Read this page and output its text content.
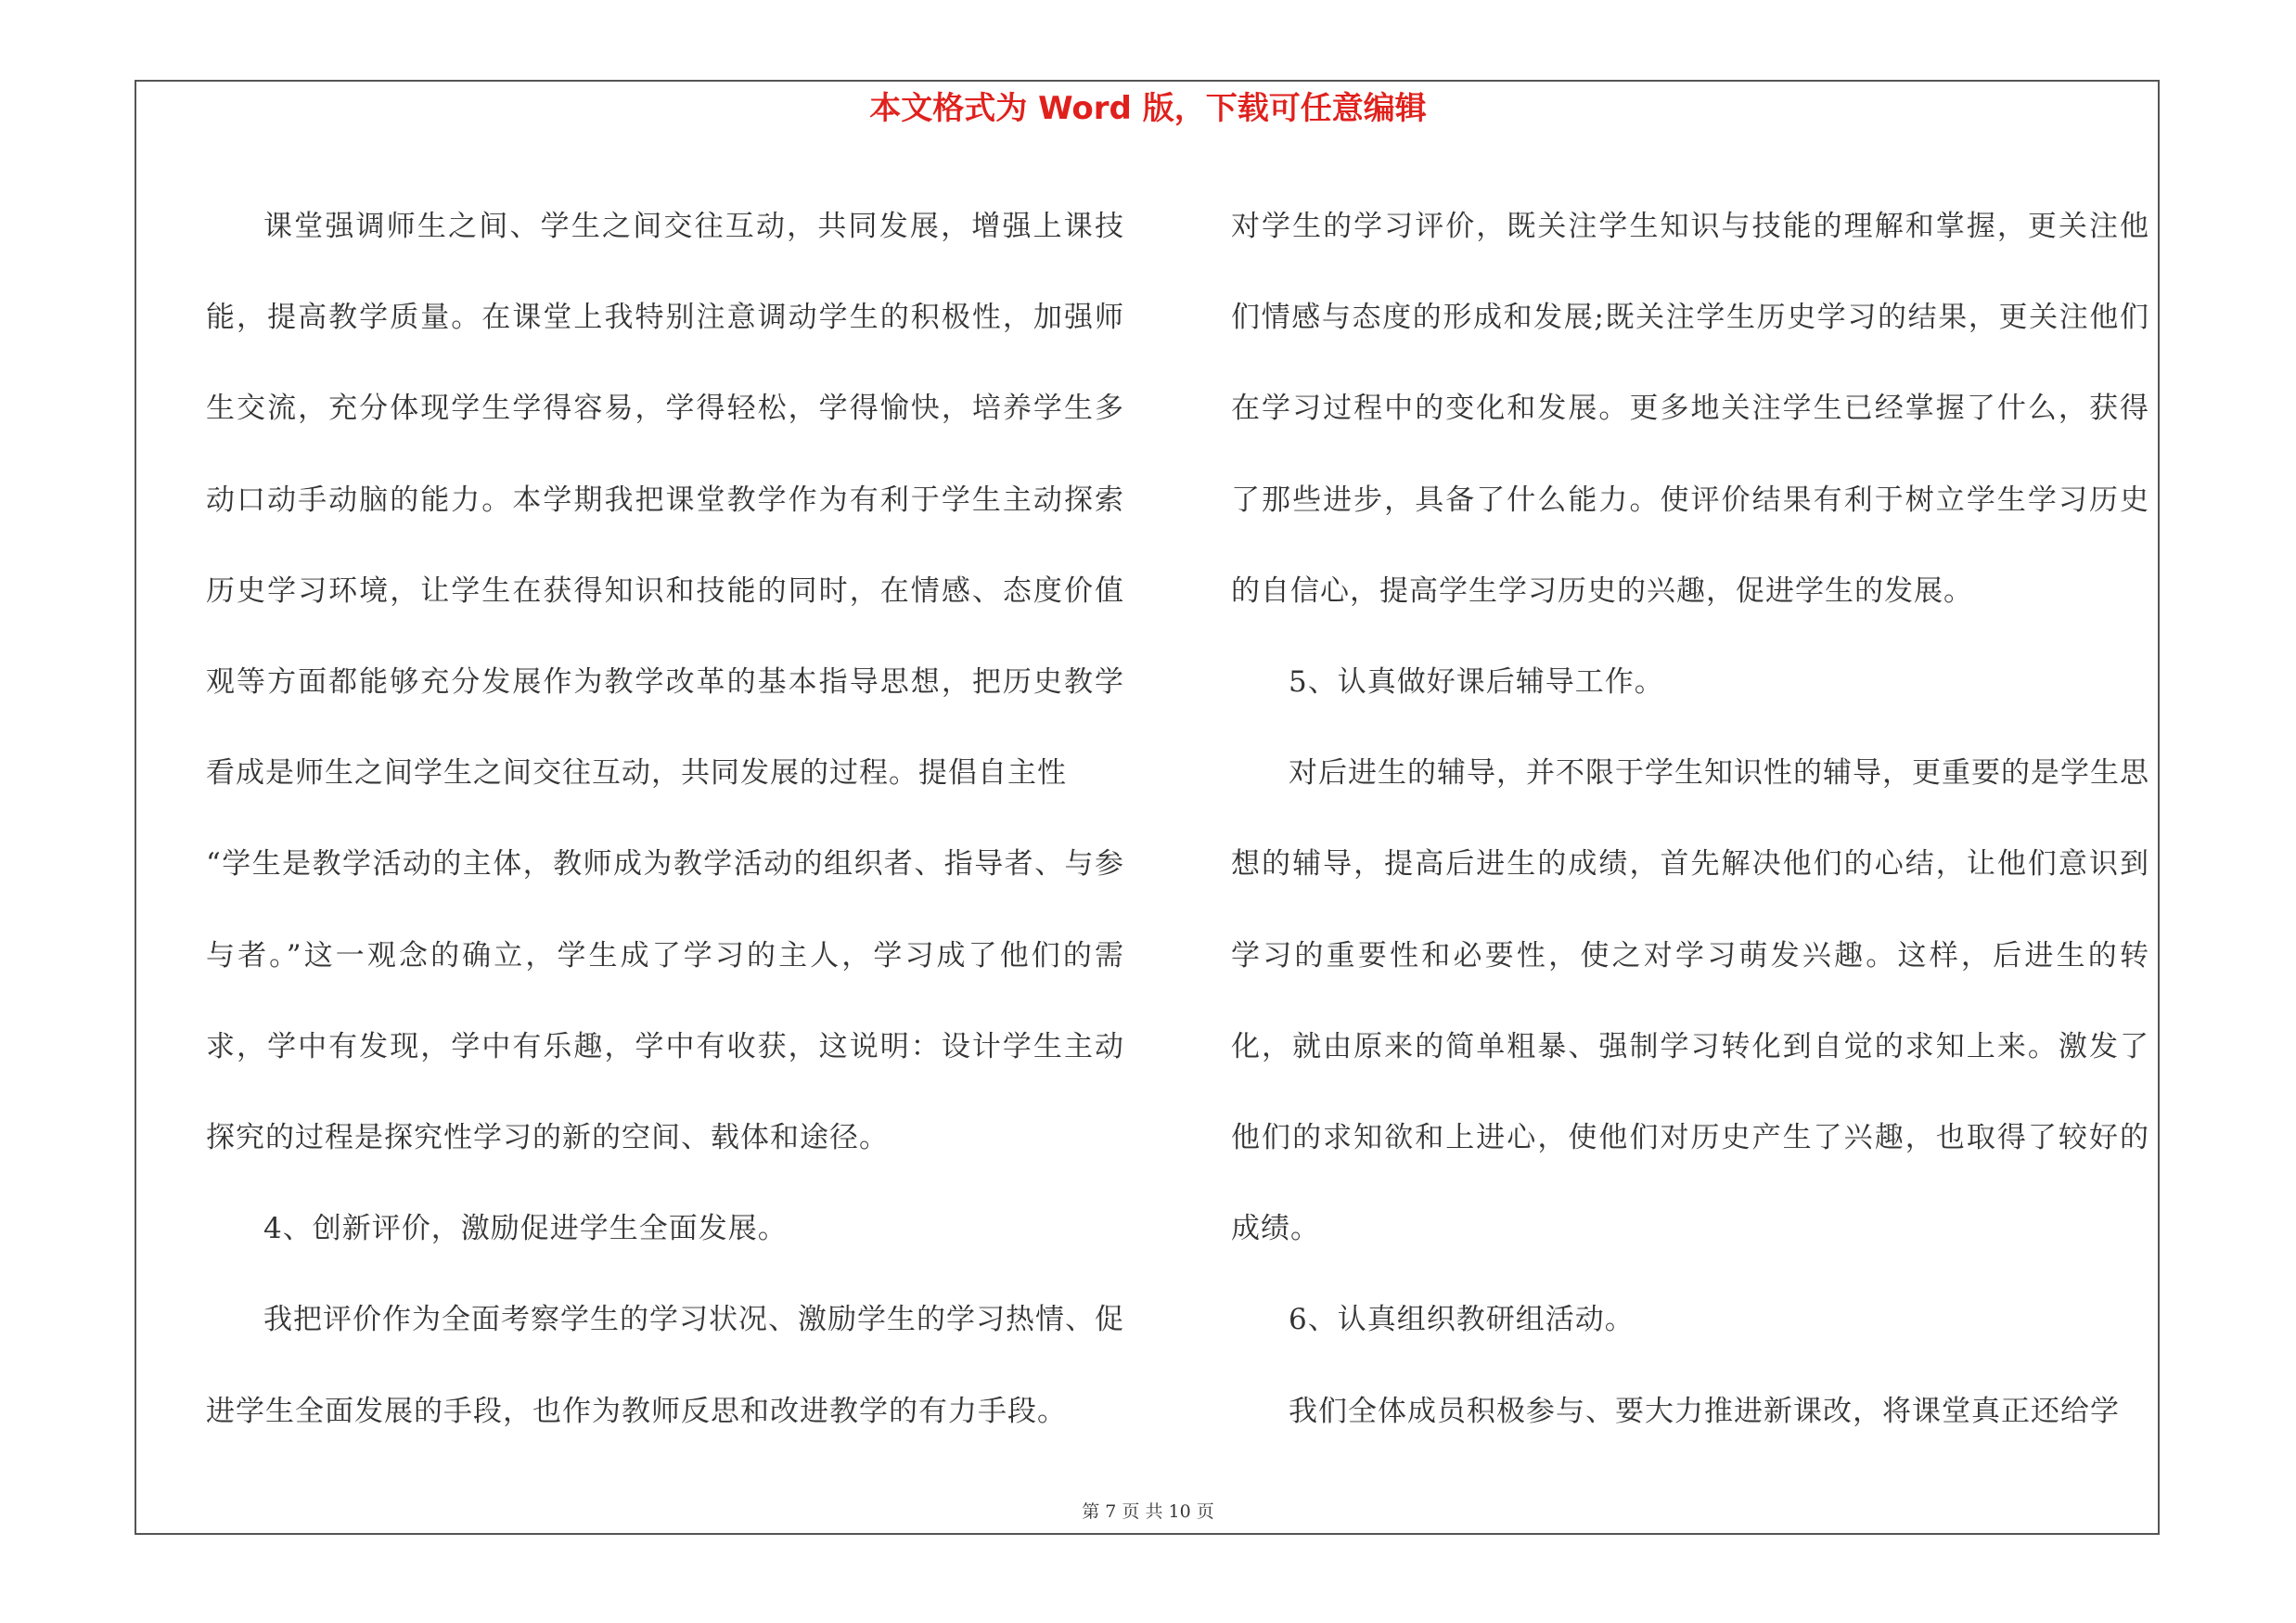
本文格式为 Word 版，下载可任意编辑

课堂强调师生之间、学生之间交往互动，共同发展，增强上课技能，提高教学质量。在课堂上我特别注意调动学生的积极性，加强师生交流，充分体现学生学得容易，学得轻松，学得愉快，培养学生多动口动手动脑的能力。本学期我把课堂教学作为有利于学生主动探索历史学习环境，让学生在获得知识和技能的同时，在情感、态度价值观等方面都能够充分发展作为教学改革的基本指导思想，把历史教学看成是师生之间学生之间交往互动，共同发展的过程。提倡自主性

“学生是教学活动的主体，教师成为教学活动的组织者、指导者、与参与者。”这一观念的确立，学生成了学习的主人，学习成了他们的需求，学中有发现，学中有乐趣，学中有收获，这说明：设计学生主动探究的过程是探究性学习的新的空间、载体和途径。

4、创新评价，激励促进学生全面发展。

我把评价作为全面考察学生的学习状况、激励学生的学习热情、促进学生全面发展的手段，也作为教师反思和改进教学的有力手段。

对学生的学习评价，既关注学生知识与技能的理解和掌握，更关注他们情感与态度的形成和发展;既关注学生历史学习的结果，更关注他们在学习过程中的变化和发展。更多地关注学生已经掌握了什么，获得了那些进步，具备了什么能力。使评价结果有利于树立学生学习历史的自信心，提高学生学习历史的兴趣，促进学生的发展。

5、认真做好课后辅导工作。

对后进生的辅导，并不限于学生知识性的辅导，更重要的是学生思想的辅导，提高后进生的成绩，首先解决他们的心结，让他们意识到学习的重要性和必要性，使之对学习萌发兴趣。这样，后进生的转化，就由原来的简单粗暴、强制学习转化到自觉的求知上来。激发了他们的求知欲和上进心，使他们对历史产生了兴趣，也取得了较好的成绩。

6、认真组织教研组活动。

我们全体成员积极参与、要大力推进新课改，将课堂真正还给学

第 7 页 共 10 页
